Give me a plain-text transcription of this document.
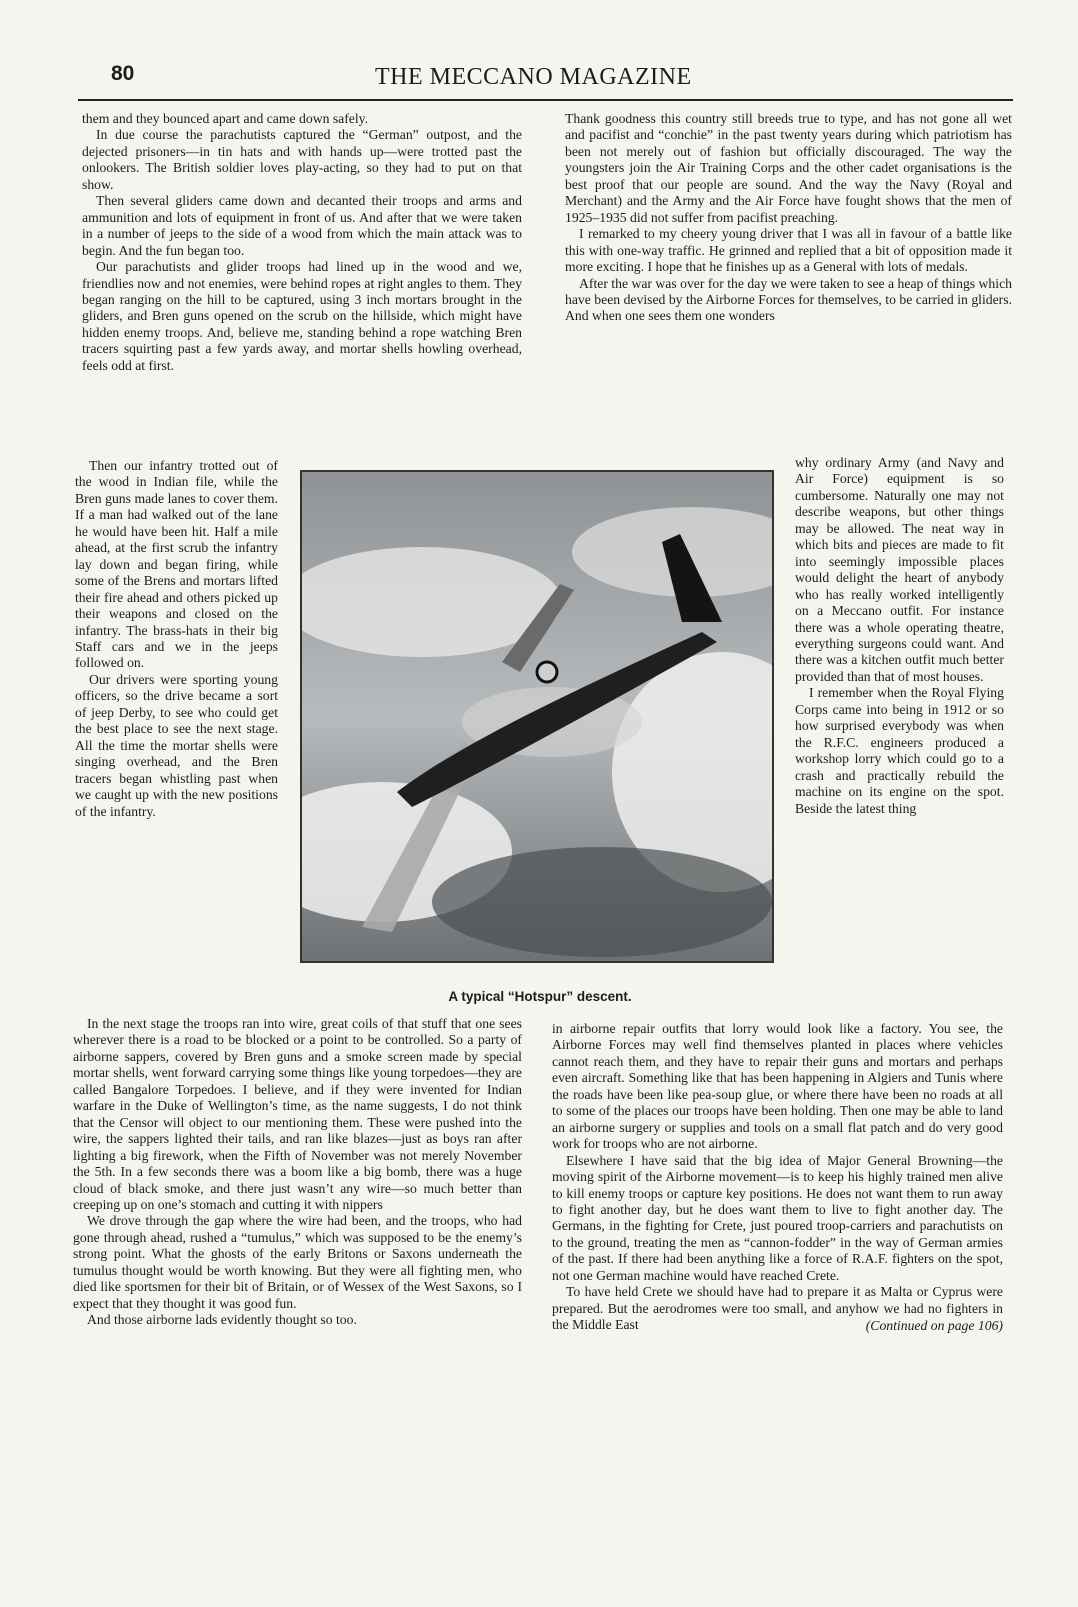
80	THE MECCANO MAGAZINE

them and they bounced apart and came down safely.

In due course the parachutists captured the “German” outpost, and the dejected prisoners—in tin hats and with hands up—were trotted past the onlookers. The British soldier loves play-acting, so they had to put on that show.

Then several gliders came down and decanted their troops and arms and ammunition and lots of equipment in front of us. And after that we were taken in a number of jeeps to the side of a wood from which the main attack was to begin. And the fun began too.

Our parachutists and glider troops had lined up in the wood and we, friendlies now and not enemies, were behind ropes at right angles to them. They began ranging on the hill to be captured, using 3 inch mortars brought in the gliders, and Bren guns opened on the scrub on the hillside, which might have hidden enemy troops. And, believe me, standing behind a rope watching Bren tracers squirting past a few yards away, and mortar shells howling overhead, feels odd at first.

Then our infantry trotted out of the wood in Indian file, while the Bren guns made lanes to cover them. If a man had walked out of the lane he would have been hit. Half a mile ahead, at the first scrub the infantry lay down and began firing, while some of the Brens and mortars lifted their fire ahead and others picked up their weapons and closed on the infantry. The brass-hats in their big Staff cars and we in the jeeps followed on.

Our drivers were sporting young officers, so the drive became a sort of jeep Derby, to see who could get the best place to see the next stage. All the time the mortar shells were singing overhead, and the Bren tracers began whistling past when we caught up with the new positions of the infantry.

In the next stage the troops ran into wire, great coils of that stuff that one sees wherever there is a road to be blocked or a point to be controlled. So a party of airborne sappers, covered by Bren guns and a smoke screen made by special mortar shells, went forward carrying some things like young torpedoes—they are called Bangalore Torpedoes. I believe, and if they were invented for Indian warfare in the Duke of Wellington’s time, as the name suggests, I do not think that the Censor will object to our mentioning them. These were pushed into the wire, the sappers lighted their tails, and ran like blazes—just as boys ran after lighting a big firework, when the Fifth of November was not merely November the 5th. In a few seconds there was a boom like a big bomb, there was a huge cloud of black smoke, and there just wasn’t any wire—so much better than creeping up on one’s stomach and cutting it with nippers

We drove through the gap where the wire had been, and the troops, who had gone through ahead, rushed a “tumulus,” which was supposed to be the enemy’s strong point. What the ghosts of the early Britons or Saxons underneath the tumulus thought would be worth knowing. But they were all fighting men, who died like sportsmen for their bit of Britain, or of Wessex of the West Saxons, so I expect that they thought it was good fun.

And those airborne lads evidently thought so too.

Thank goodness this country still breeds true to type, and has not gone all wet and pacifist and “conchie” in the past twenty years during which patriotism has been not merely out of fashion but officially discouraged. The way the youngsters join the Air Training Corps and the other cadet organisations is the best proof that our people are sound. And the way the Navy (Royal and Merchant) and the Army and the Air Force have fought shows that the men of 1925–1935 did not suffer from pacifist preaching.

I remarked to my cheery young driver that I was all in favour of a battle like this with one-way traffic. He grinned and replied that a bit of opposition made it more exciting. I hope that he finishes up as a General with lots of medals.

After the war was over for the day we were taken to see a heap of things which have been devised by the Airborne Forces for themselves, to be carried in gliders. And when one sees them one wonders

why ordinary Army (and Navy and Air Force) equipment is so cumbersome. Naturally one may not describe weapons, but other things may be allowed. The neat way in which bits and pieces are made to fit into seemingly impossible places would delight the heart of anybody who has really worked intelligently on a Meccano outfit. For instance there was a whole operating theatre, everything surgeons could want. And there was a kitchen outfit much better provided than that of most houses.

I remember when the Royal Flying Corps came into being in 1912 or so how surprised everybody was when the R.F.C. engineers produced a workshop lorry which could go to a crash and practically rebuild the machine on its engine on the spot. Beside the latest thing

in airborne repair outfits that lorry would look like a factory. You see, the Airborne Forces may well find themselves planted in places where vehicles cannot reach them, and they have to repair their guns and mortars and perhaps even aircraft. Something like that has been happening in Algiers and Tunis where the roads have been like pea-soup glue, or where there have been no roads at all to some of the places our troops have been holding. Then one may be able to land an airborne surgery or supplies and tools on a small flat patch and do very good work for troops who are not airborne.

Elsewhere I have said that the big idea of Major General Browning—the moving spirit of the Airborne movement—is to keep his highly trained men alive to kill enemy troops or capture key positions. He does not want them to run away to fight another day, but he does want them to live to fight another day. The Germans, in the fighting for Crete, just poured troop-carriers and parachutists on to the ground, treating the men as “cannon-fodder” in the way of German armies of the past. If there had been anything like a force of R.A.F. fighters on the spot, not one German machine would have reached Crete.

To have held Crete we should have had to prepare it as Malta or Cyprus were prepared. But the aerodromes were too small, and anyhow we had no fighters in the Middle East	(Continued on page 106)
A typical “Hotspur” descent.
